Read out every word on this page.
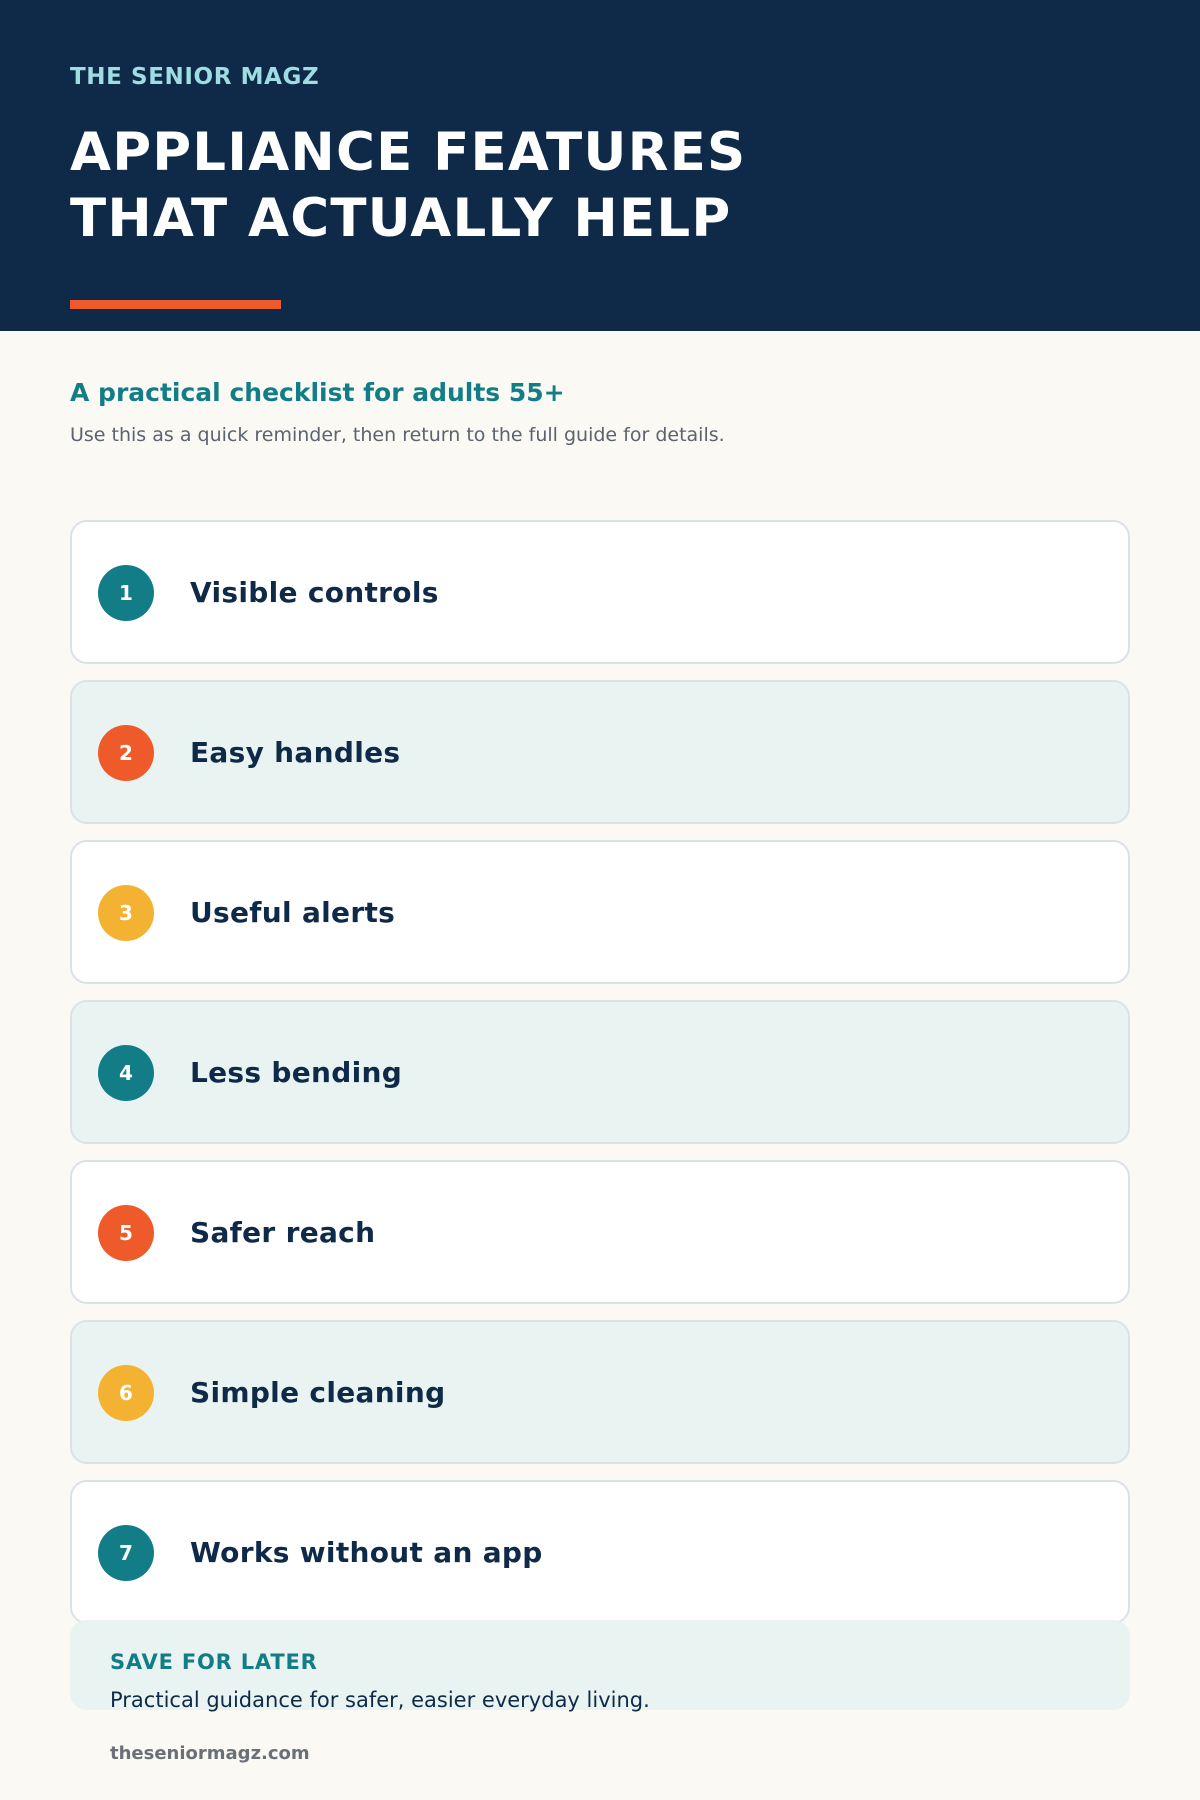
THE SENIOR MAGZ
APPLIANCE FEATURES
THAT ACTUALLY HELP
A practical checklist for adults 55+
Use this as a quick reminder, then return to the full guide for details.
1	Visible controls
2	Easy handles
3	Useful alerts
4	Less bending
5	Safer reach
6	Simple cleaning
7	Works without an app
SAVE FOR LATER
Practical guidance for safer, easier everyday living.
theseniormagz.com
